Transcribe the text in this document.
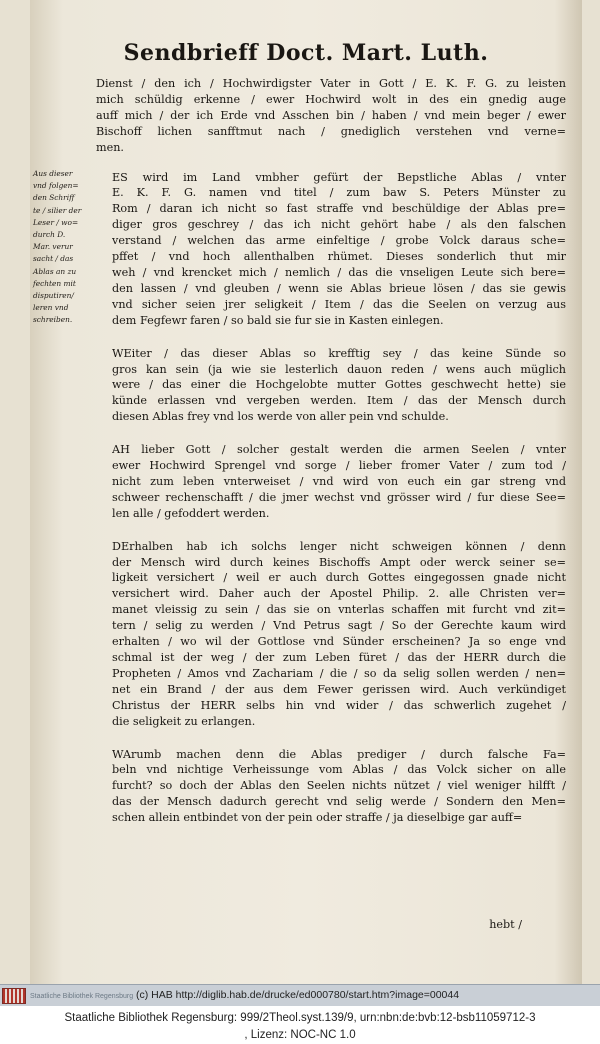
Sendbrieff Doct. Mart. Luth.
Aus dieser
vnd folgen=
den Schriff
te / silier der
Leser / wo=
durch D.
Mar. verur
sacht / das
Ablas an zu
fechten mit
disputiren/
leren vnd
schreiben.
Dienst / den ich / Hochwirdigster Vater in Gott / E. K. F. G. zu leisten
mich schüldig erkenne / ewer Hochwird wolt in des ein gnedig auge
auff mich / der ich Erde vnd Asschen bin / haben / vnd mein beger / ewer
Bischoff lichen sanfftmut nach / gnediglich verstehen vnd verne=
men.
ES wird im Land vmbher gefürt der Bepstliche Ablas / vnter
E. K. F. G. namen vnd titel / zum baw S. Peters Münster zu
Rom / daran ich nicht so fast straffe vnd beschüldige der Ablas pre=
diger gros geschrey / das ich nicht gehört habe / als den falschen
verstand / welchen das arme einfeltige / grobe Volck daraus sche=
pffet / vnd hoch allenthalben rhümet. Dieses sonderlich thut mir
weh / vnd krencket mich / nemlich / das die vnseligen Leute sich bere=
den lassen / vnd gleuben / wenn sie Ablas brieue lösen / das sie gewis
vnd sicher seien jrer seligkeit / Item / das die Seelen on verzug aus
dem Fegfewr faren / so bald sie fur sie in Kasten einlegen.
WEiter / das dieser Ablas so krefftig sey / das keine Sünde so
gros kan sein (ja wie sie lesterlich dauon reden / wens auch müglich
were / das einer die Hochgelobte mutter Gottes geschwecht hette) sie
künde erlassen vnd vergeben werden. Item / das der Mensch durch
diesen Ablas frey vnd los werde von aller pein vnd schulde.
AH lieber Gott / solcher gestalt werden die armen Seelen / vnter
ewer Hochwird Sprengel vnd sorge / lieber fromer Vater / zum tod /
nicht zum leben vnterweiset / vnd wird von euch ein gar streng vnd
schweer rechenschafft / die jmer wechst vnd grösser wird / fur diese See=
len alle / gefoddert werden.
DErhalben hab ich solchs lenger nicht schweigen können / denn
der Mensch wird durch keines Bischoffs Ampt oder werck seiner se=
ligkeit versichert / weil er auch durch Gottes eingegossen gnade nicht
versichert wird. Daher auch der Apostel Philip. 2. alle Christen ver=
manet vleissig zu sein / das sie on vnterlas schaffen mit furcht vnd zit=
tern / selig zu werden / Vnd Petrus sagt / So der Gerechte kaum wird
erhalten / wo wil der Gottlose vnd Sünder erscheinen? Ja so enge vnd
schmal ist der weg / der zum Leben füret / das der HERR durch die
Propheten / Amos vnd Zachariam / die / so da selig sollen werden / nen=
net ein Brand / der aus dem Fewer gerissen wird. Auch verkündiget
Christus der HERR selbs hin vnd wider / das schwerlich zugehet /
die seligkeit zu erlangen.
WArumb machen denn die Ablas prediger / durch falsche Fa=
beln vnd nichtige Verheissunge vom Ablas / das Volck sicher on alle
furcht? so doch der Ablas den Seelen nichts nützet / viel weniger hilfft /
das der Mensch dadurch gerecht vnd selig werde / Sondern den Men=
schen allein entbindet von der pein oder straffe / ja dieselbige gar auff=
hebt /
Staatliche Bibliothek Regensburg (c) HAB http://diglib.hab.de/drucke/ed000780/start.htm?image=00044
Staatliche Bibliothek Regensburg: 999/2Theol.syst.139/9, urn:nbn:de:bvb:12-bsb11059712-3
, Lizenz: NOC-NC 1.0
